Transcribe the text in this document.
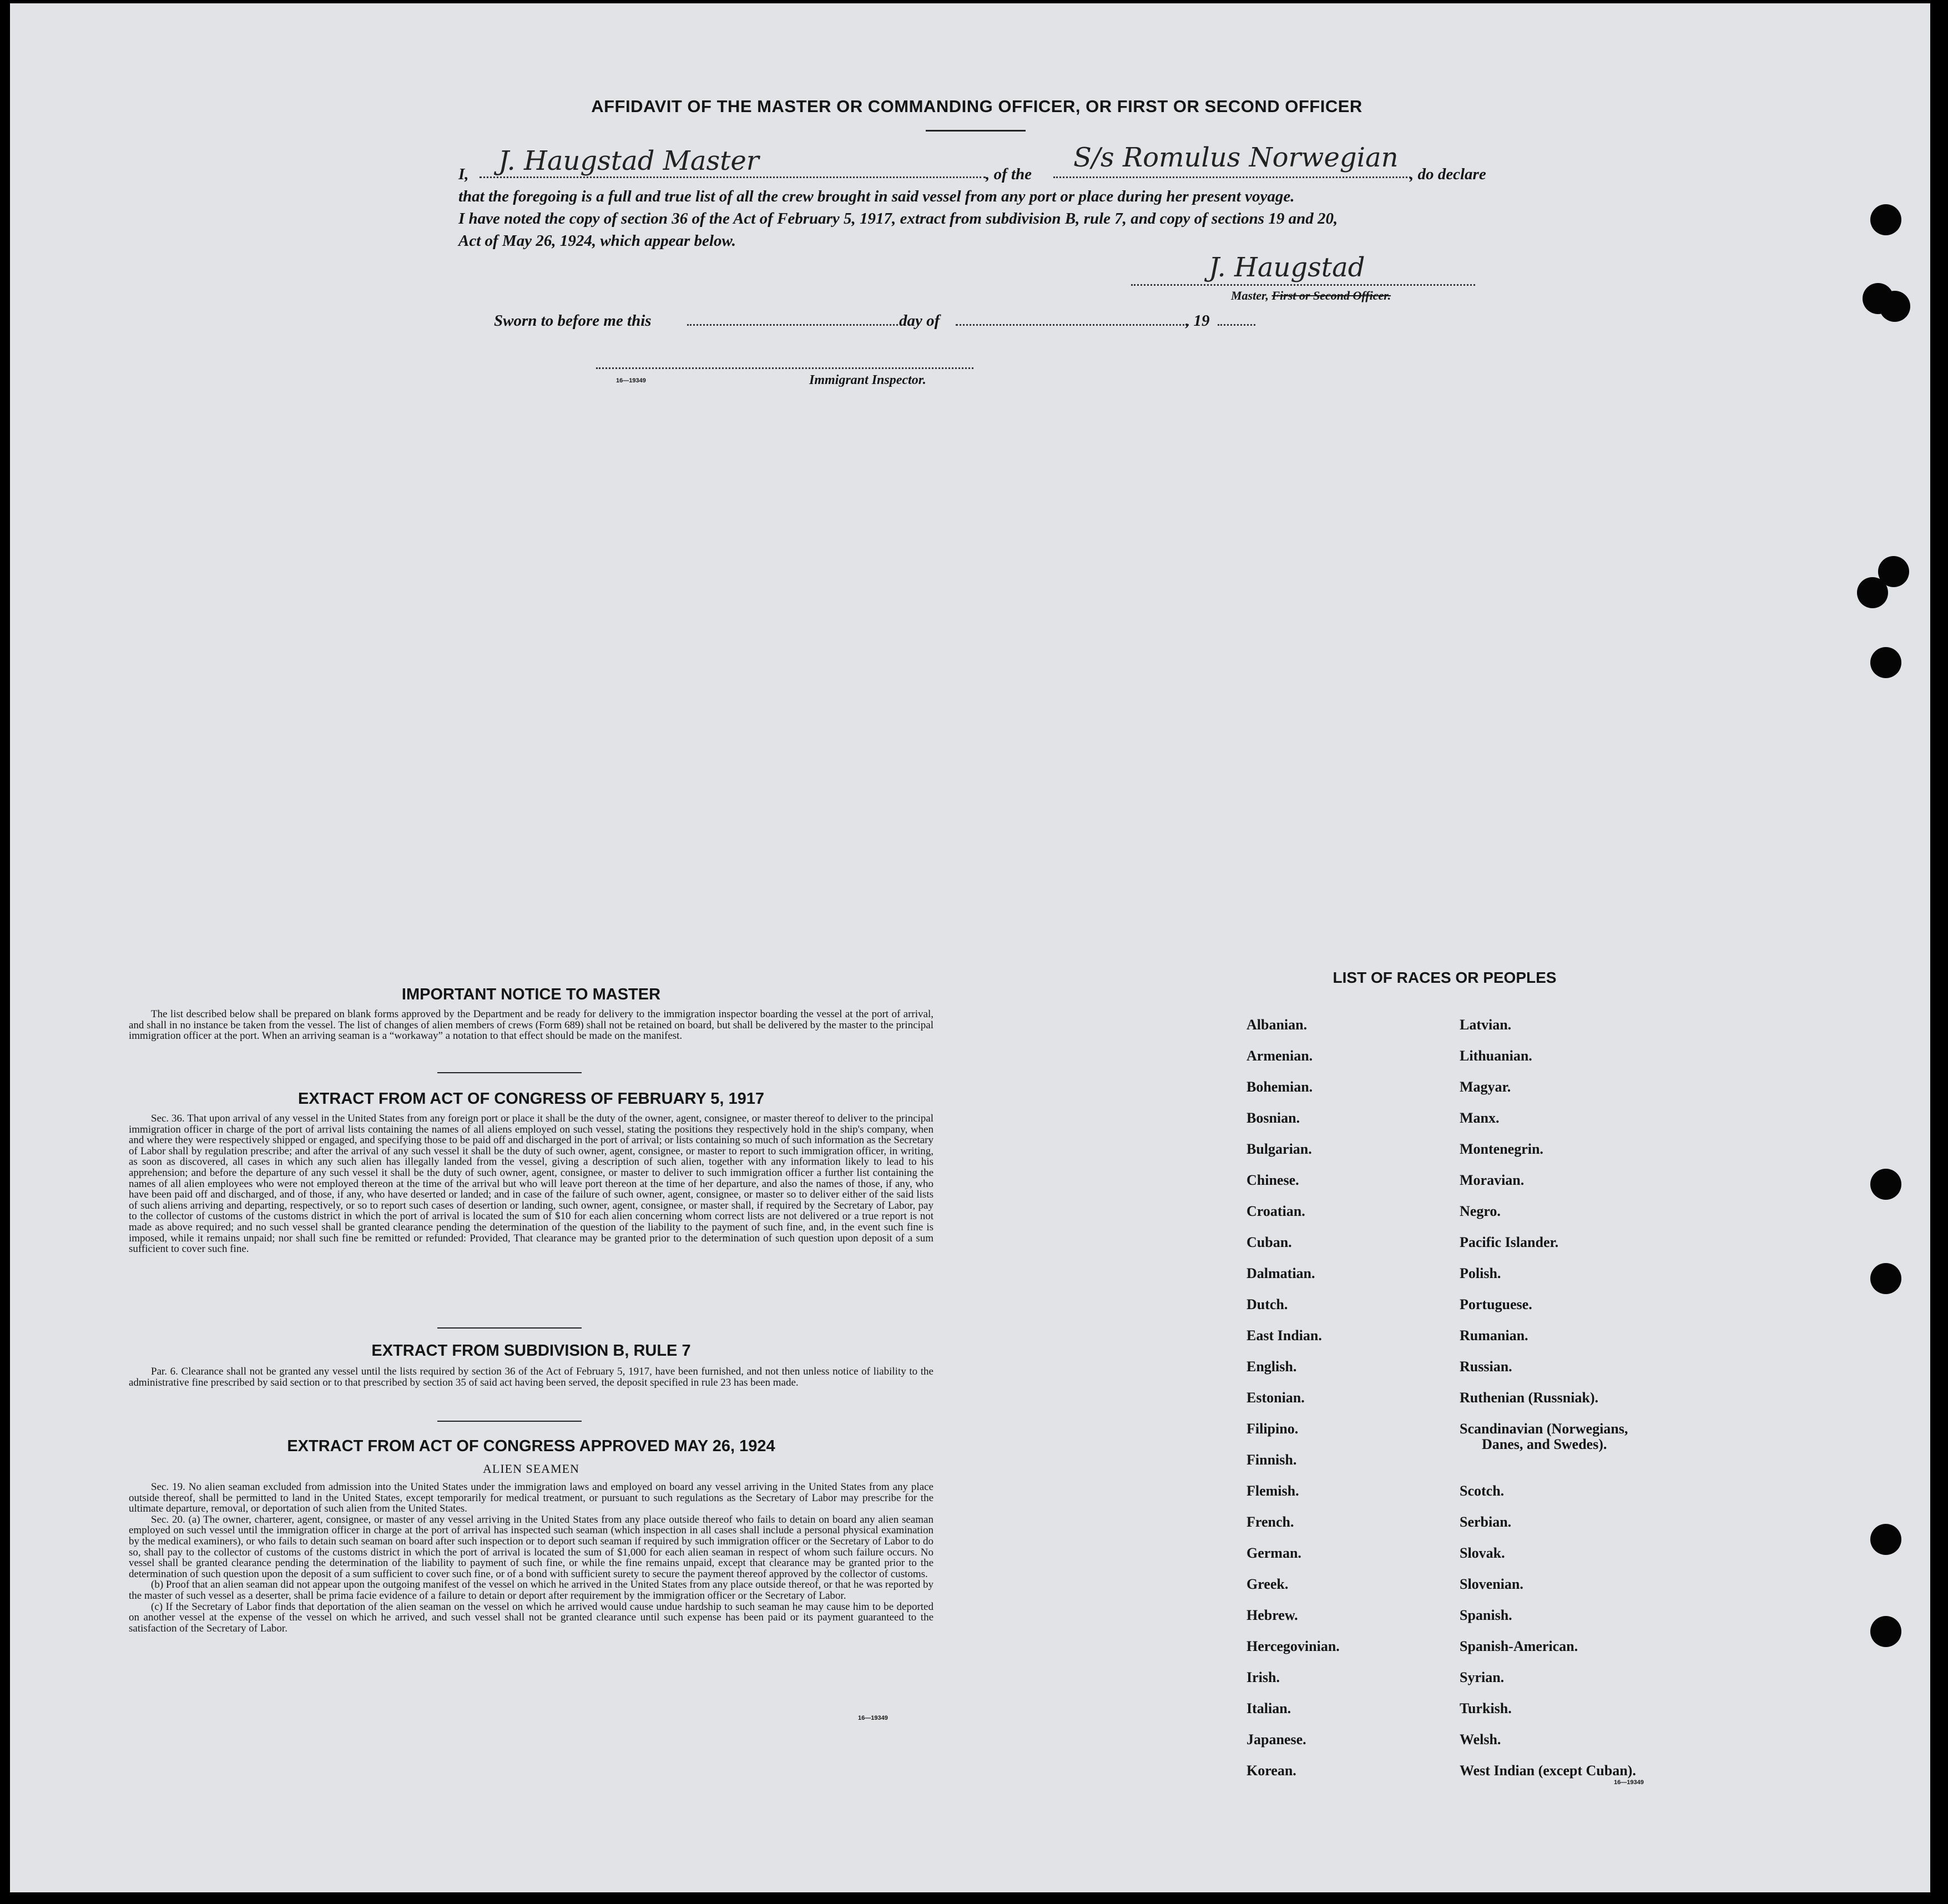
AFFIDAVIT OF THE MASTER OR COMMANDING OFFICER, OR FIRST OR SECOND OFFICER
I, J. Haugstad Master	, of the
S/s Romulus Norwegian
, do declare
that the foregoing is a full and true list of all the crew brought in said vessel from any port or place during her present voyage.
I have noted the copy of section 36 of the Act of February 5, 1917, extract from subdivision B, rule 7, and copy of sections 19 and 20,
Act of May 26, 1924, which appear below.
J. Haugstad
Master, First or Second Officer.
Sworn to before me this	day of	, 19
16—19349	Immigrant Inspector.
IMPORTANT NOTICE TO MASTER

The list described below shall be prepared on blank forms approved by the Department and be ready for delivery to the immigration inspector boarding the vessel at the port of arrival, and shall in no instance be taken from the vessel. The list of changes of alien members of crews (Form 689) shall not be retained on board, but shall be delivered by the master to the principal immigration officer at the port. When an arriving seaman is a “workaway” a notation to that effect should be made on the manifest.

EXTRACT FROM ACT OF CONGRESS OF FEBRUARY 5, 1917

Sec. 36. That upon arrival of any vessel in the United States from any foreign port or place it shall be the duty of the owner, agent, consignee, or master thereof to deliver to the principal immigration officer in charge of the port of arrival lists containing the names of all aliens employed on such vessel, stating the positions they respectively hold in the ship's company, when and where they were respectively shipped or engaged, and specifying those to be paid off and discharged in the port of arrival; or lists containing so much of such information as the Secretary of Labor shall by regulation prescribe; and after the arrival of any such vessel it shall be the duty of such owner, agent, consignee, or master to report to such immigration officer, in writing, as soon as discovered, all cases in which any such alien has illegally landed from the vessel, giving a description of such alien, together with any information likely to lead to his apprehension; and before the departure of any such vessel it shall be the duty of such owner, agent, consignee, or master to deliver to such immigration officer a further list containing the names of all alien employees who were not employed thereon at the time of the arrival but who will leave port thereon at the time of her departure, and also the names of those, if any, who have been paid off and discharged, and of those, if any, who have deserted or landed; and in case of the failure of such owner, agent, consignee, or master so to deliver either of the said lists of such aliens arriving and departing, respectively, or so to report such cases of desertion or landing, such owner, agent, consignee, or master shall, if required by the Secretary of Labor, pay to the collector of customs of the customs district in which the port of arrival is located the sum of $10 for each alien concerning whom correct lists are not delivered or a true report is not made as above required; and no such vessel shall be granted clearance pending the determination of the question of the liability to the payment of such fine, and, in the event such fine is imposed, while it remains unpaid; nor shall such fine be remitted or refunded: Provided, That clearance may be granted prior to the determination of such question upon deposit of a sum sufficient to cover such fine.

EXTRACT FROM SUBDIVISION B, RULE 7

Par. 6. Clearance shall not be granted any vessel until the lists required by section 36 of the Act of February 5, 1917, have been furnished, and not then unless notice of liability to the administrative fine prescribed by said section or to that prescribed by section 35 of said act having been served, the deposit specified in rule 23 has been made.

EXTRACT FROM ACT OF CONGRESS APPROVED MAY 26, 1924
ALIEN SEAMEN

Sec. 19. No alien seaman excluded from admission into the United States under the immigration laws and employed on board any vessel arriving in the United States from any place outside thereof, shall be permitted to land in the United States, except temporarily for medical treatment, or pursuant to such regulations as the Secretary of Labor may prescribe for the ultimate departure, removal, or deportation of such alien from the United States.

Sec. 20. (a) The owner, charterer, agent, consignee, or master of any vessel arriving in the United States from any place outside thereof who fails to detain on board any alien seaman employed on such vessel until the immigration officer in charge at the port of arrival has inspected such seaman (which inspection in all cases shall include a personal physical examination by the medical examiners), or who fails to detain such seaman on board after such inspection or to deport such seaman if required by such immigration officer or the Secretary of Labor to do so, shall pay to the collector of customs of the customs district in which the port of arrival is located the sum of $1,000 for each alien seaman in respect of whom such failure occurs. No vessel shall be granted clearance pending the determination of the liability to payment of such fine, or while the fine remains unpaid, except that clearance may be granted prior to the determination of such question upon the deposit of a sum sufficient to cover such fine, or of a bond with sufficient surety to secure the payment thereof approved by the collector of customs.

(b) Proof that an alien seaman did not appear upon the outgoing manifest of the vessel on which he arrived in the United States from any place outside thereof, or that he was reported by the master of such vessel as a deserter, shall be prima facie evidence of a failure to detain or deport after requirement by the immigration officer or the Secretary of Labor.

(c) If the Secretary of Labor finds that deportation of the alien seaman on the vessel on which he arrived would cause undue hardship to such seaman he may cause him to be deported on another vessel at the expense of the vessel on which he arrived, and such vessel shall not be granted clearance until such expense has been paid or its payment guaranteed to the satisfaction of the Secretary of Labor.

16—19349
LIST OF RACES OR PEOPLES
Albanian.
Armenian.
Bohemian.
Bosnian.
Bulgarian.
Chinese.
Croatian.
Cuban.
Dalmatian.
Dutch.
East Indian.
English.
Estonian.
Filipino.
Finnish.
Flemish.
French.
German.
Greek.
Hebrew.
Hercegovinian.
Irish.
Italian.
Japanese.
Korean.
Latvian.
Lithuanian.
Magyar.
Manx.
Montenegrin.
Moravian.
Negro.
Pacific Islander.
Polish.
Portuguese.
Rumanian.
Russian.
Ruthenian (Russniak).
Scandinavian (Norwegians,
Danes, and Swedes).
Scotch.
Serbian.
Slovak.
Slovenian.
Spanish.
Spanish-American.
Syrian.
Turkish.
Welsh.
West Indian (except Cuban).
16—19349
